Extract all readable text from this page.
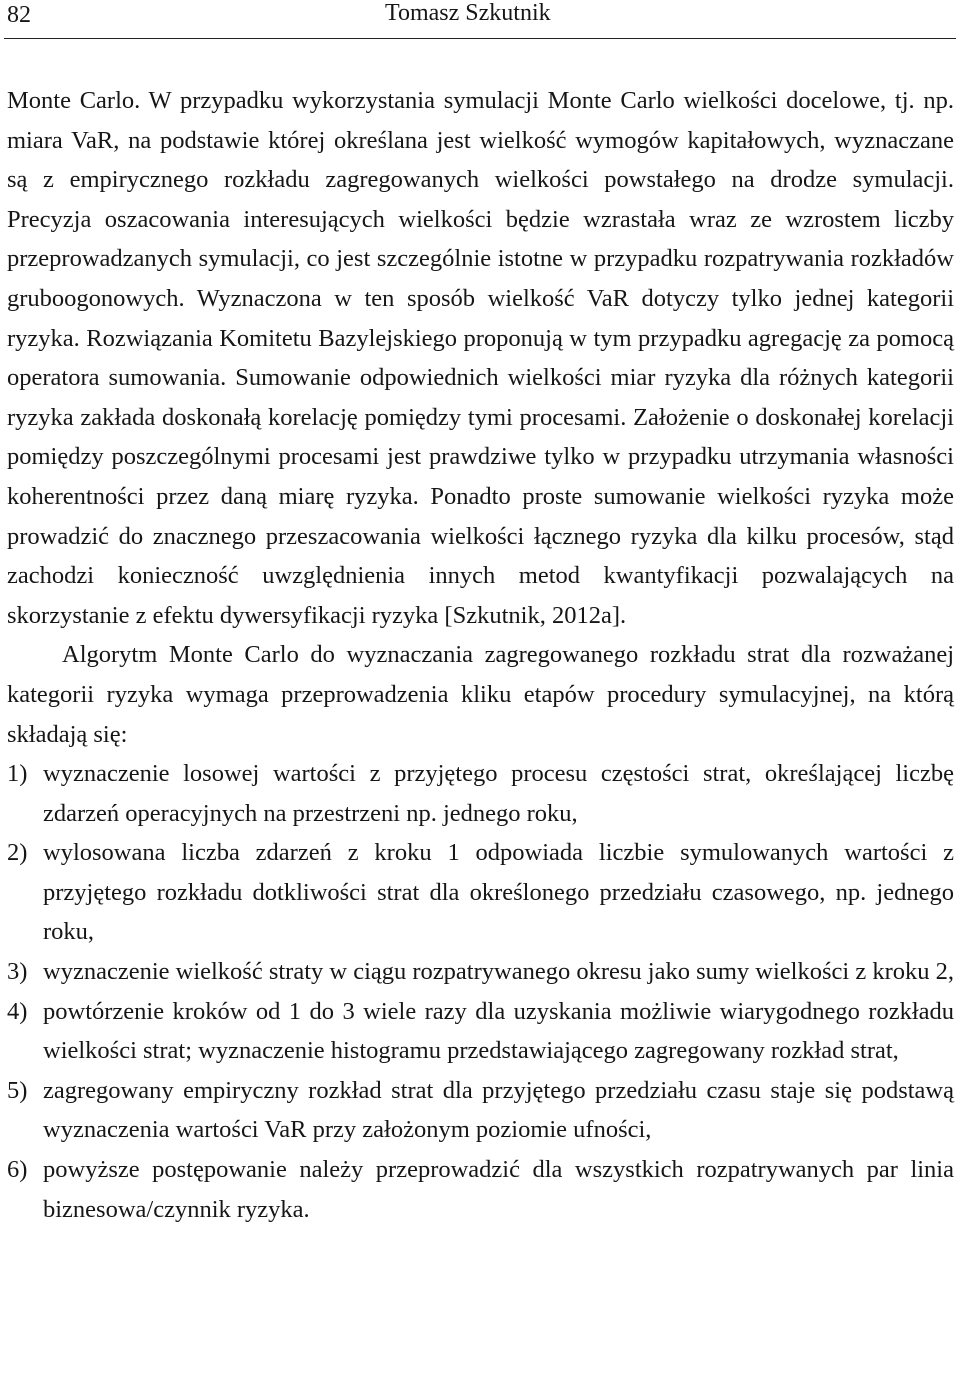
82	Tomasz Szkutnik

Monte Carlo. W przypadku wykorzystania symulacji Monte Carlo wielkości docelowe, tj. np. miara VaR, na podstawie której określana jest wielkość wymogów kapitałowych, wyznaczane są z empirycznego rozkładu zagregowanych wielkości powstałego na drodze symulacji. Precyzja oszacowania interesujących wielkości będzie wzrastała wraz ze wzrostem liczby przeprowadzanych symulacji, co jest szczególnie istotne w przypadku rozpatrywania rozkładów gruboogonowych. Wyznaczona w ten sposób wielkość VaR dotyczy tylko jednej kategorii ryzyka. Rozwiązania Komitetu Bazylejskiego proponują w tym przypadku agregację za pomocą operatora sumowania. Sumowanie odpowiednich wielkości miar ryzyka dla różnych kategorii ryzyka zakłada doskonałą korelację pomiędzy tymi procesami. Założenie o doskonałej korelacji pomiędzy poszczególnymi procesami jest prawdziwe tylko w przypadku utrzymania własności koherentności przez daną miarę ryzyka. Ponadto proste sumowanie wielkości ryzyka może prowadzić do znacznego przeszacowania wielkości łącznego ryzyka dla kilku procesów, stąd zachodzi konieczność uwzględnienia innych metod kwantyfikacji pozwalających na skorzystanie z efektu dywersyfikacji ryzyka [Szkutnik, 2012a].

Algorytm Monte Carlo do wyznaczania zagregowanego rozkładu strat dla rozważanej kategorii ryzyka wymaga przeprowadzenia kliku etapów procedury symulacyjnej, na którą składają się:

1) wyznaczenie losowej wartości z przyjętego procesu częstości strat, określającej liczbę zdarzeń operacyjnych na przestrzeni np. jednego roku,
2) wylosowana liczba zdarzeń z kroku 1 odpowiada liczbie symulowanych wartości z przyjętego rozkładu dotkliwości strat dla określonego przedziału czasowego, np. jednego roku,
3) wyznaczenie wielkość straty w ciągu rozpatrywanego okresu jako sumy wielkości z kroku 2,
4) powtórzenie kroków od 1 do 3 wiele razy dla uzyskania możliwie wiarygodnego rozkładu wielkości strat; wyznaczenie histogramu przedstawiającego zagregowany rozkład strat,
5) zagregowany empiryczny rozkład strat dla przyjętego przedziału czasu staje się podstawą wyznaczenia wartości VaR przy założonym poziomie ufności,
6) powyższe postępowanie należy przeprowadzić dla wszystkich rozpatrywanych par linia biznesowa/czynnik ryzyka.
